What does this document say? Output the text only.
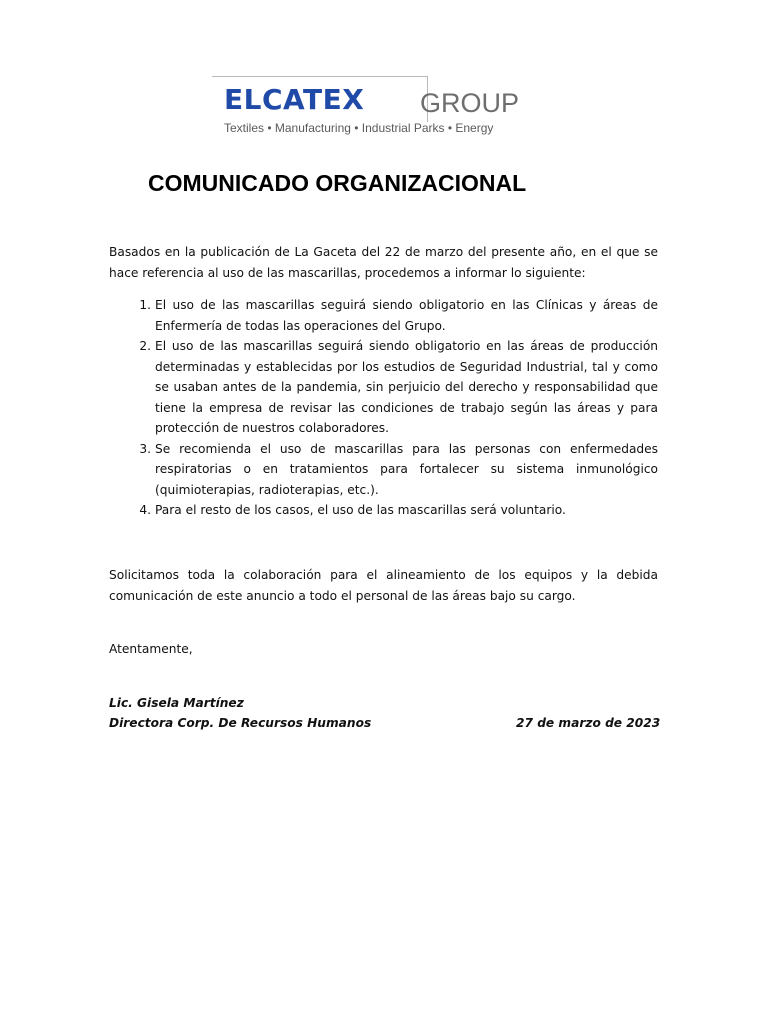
ELCATEX GROUP
Textiles • Manufacturing • Industrial Parks • Energy
COMUNICADO ORGANIZACIONAL

Basados en la publicación de La Gaceta del 22 de marzo del presente año, en el que se hace referencia al uso de las mascarillas, procedemos a informar lo siguiente:

1. El uso de las mascarillas seguirá siendo obligatorio en las Clínicas y áreas de Enfermería de todas las operaciones del Grupo.
2. El uso de las mascarillas seguirá siendo obligatorio en las áreas de producción determinadas y establecidas por los estudios de Seguridad Industrial, tal y como se usaban antes de la pandemia, sin perjuicio del derecho y responsabilidad que tiene la empresa de revisar las condiciones de trabajo según las áreas y para protección de nuestros colaboradores.
3. Se recomienda el uso de mascarillas para las personas con enfermedades respiratorias o en tratamientos para fortalecer su sistema inmunológico (quimioterapias, radioterapias, etc.).
4. Para el resto de los casos, el uso de las mascarillas será voluntario.

Solicitamos toda la colaboración para el alineamiento de los equipos y la debida comunicación de este anuncio a todo el personal de las áreas bajo su cargo.

Atentamente,

Lic. Gisela Martínez
Directora Corp. De Recursos Humanos	27 de marzo de 2023
